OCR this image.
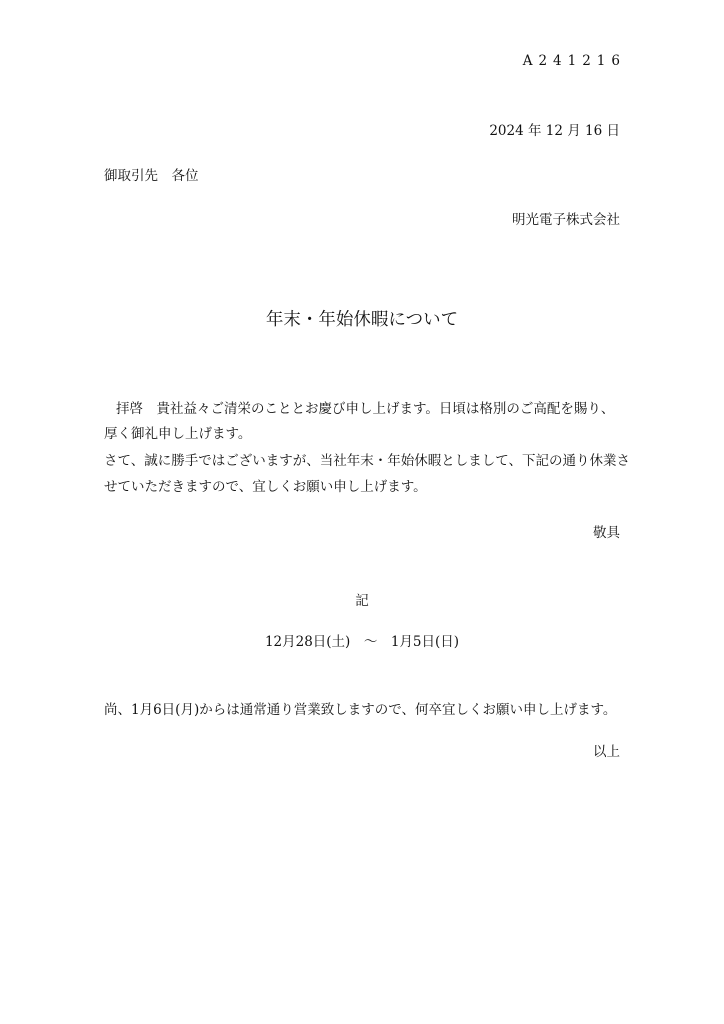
A241216
2024 年 12 月 16 日
御取引先　各位
明光電子株式会社
年末・年始休暇について
拝啓　貴社益々ご清栄のこととお慶び申し上げます。日頃は格別のご高配を賜り、
厚く御礼申し上げます。
さて、誠に勝手ではございますが、当社年末・年始休暇としまして、下記の通り休業さ
せていただきますので、宜しくお願い申し上げます。
敬具
記
12月28日(土)　～　1月5日(日)
尚、1月6日(月)からは通常通り営業致しますので、何卒宜しくお願い申し上げます。
以上
